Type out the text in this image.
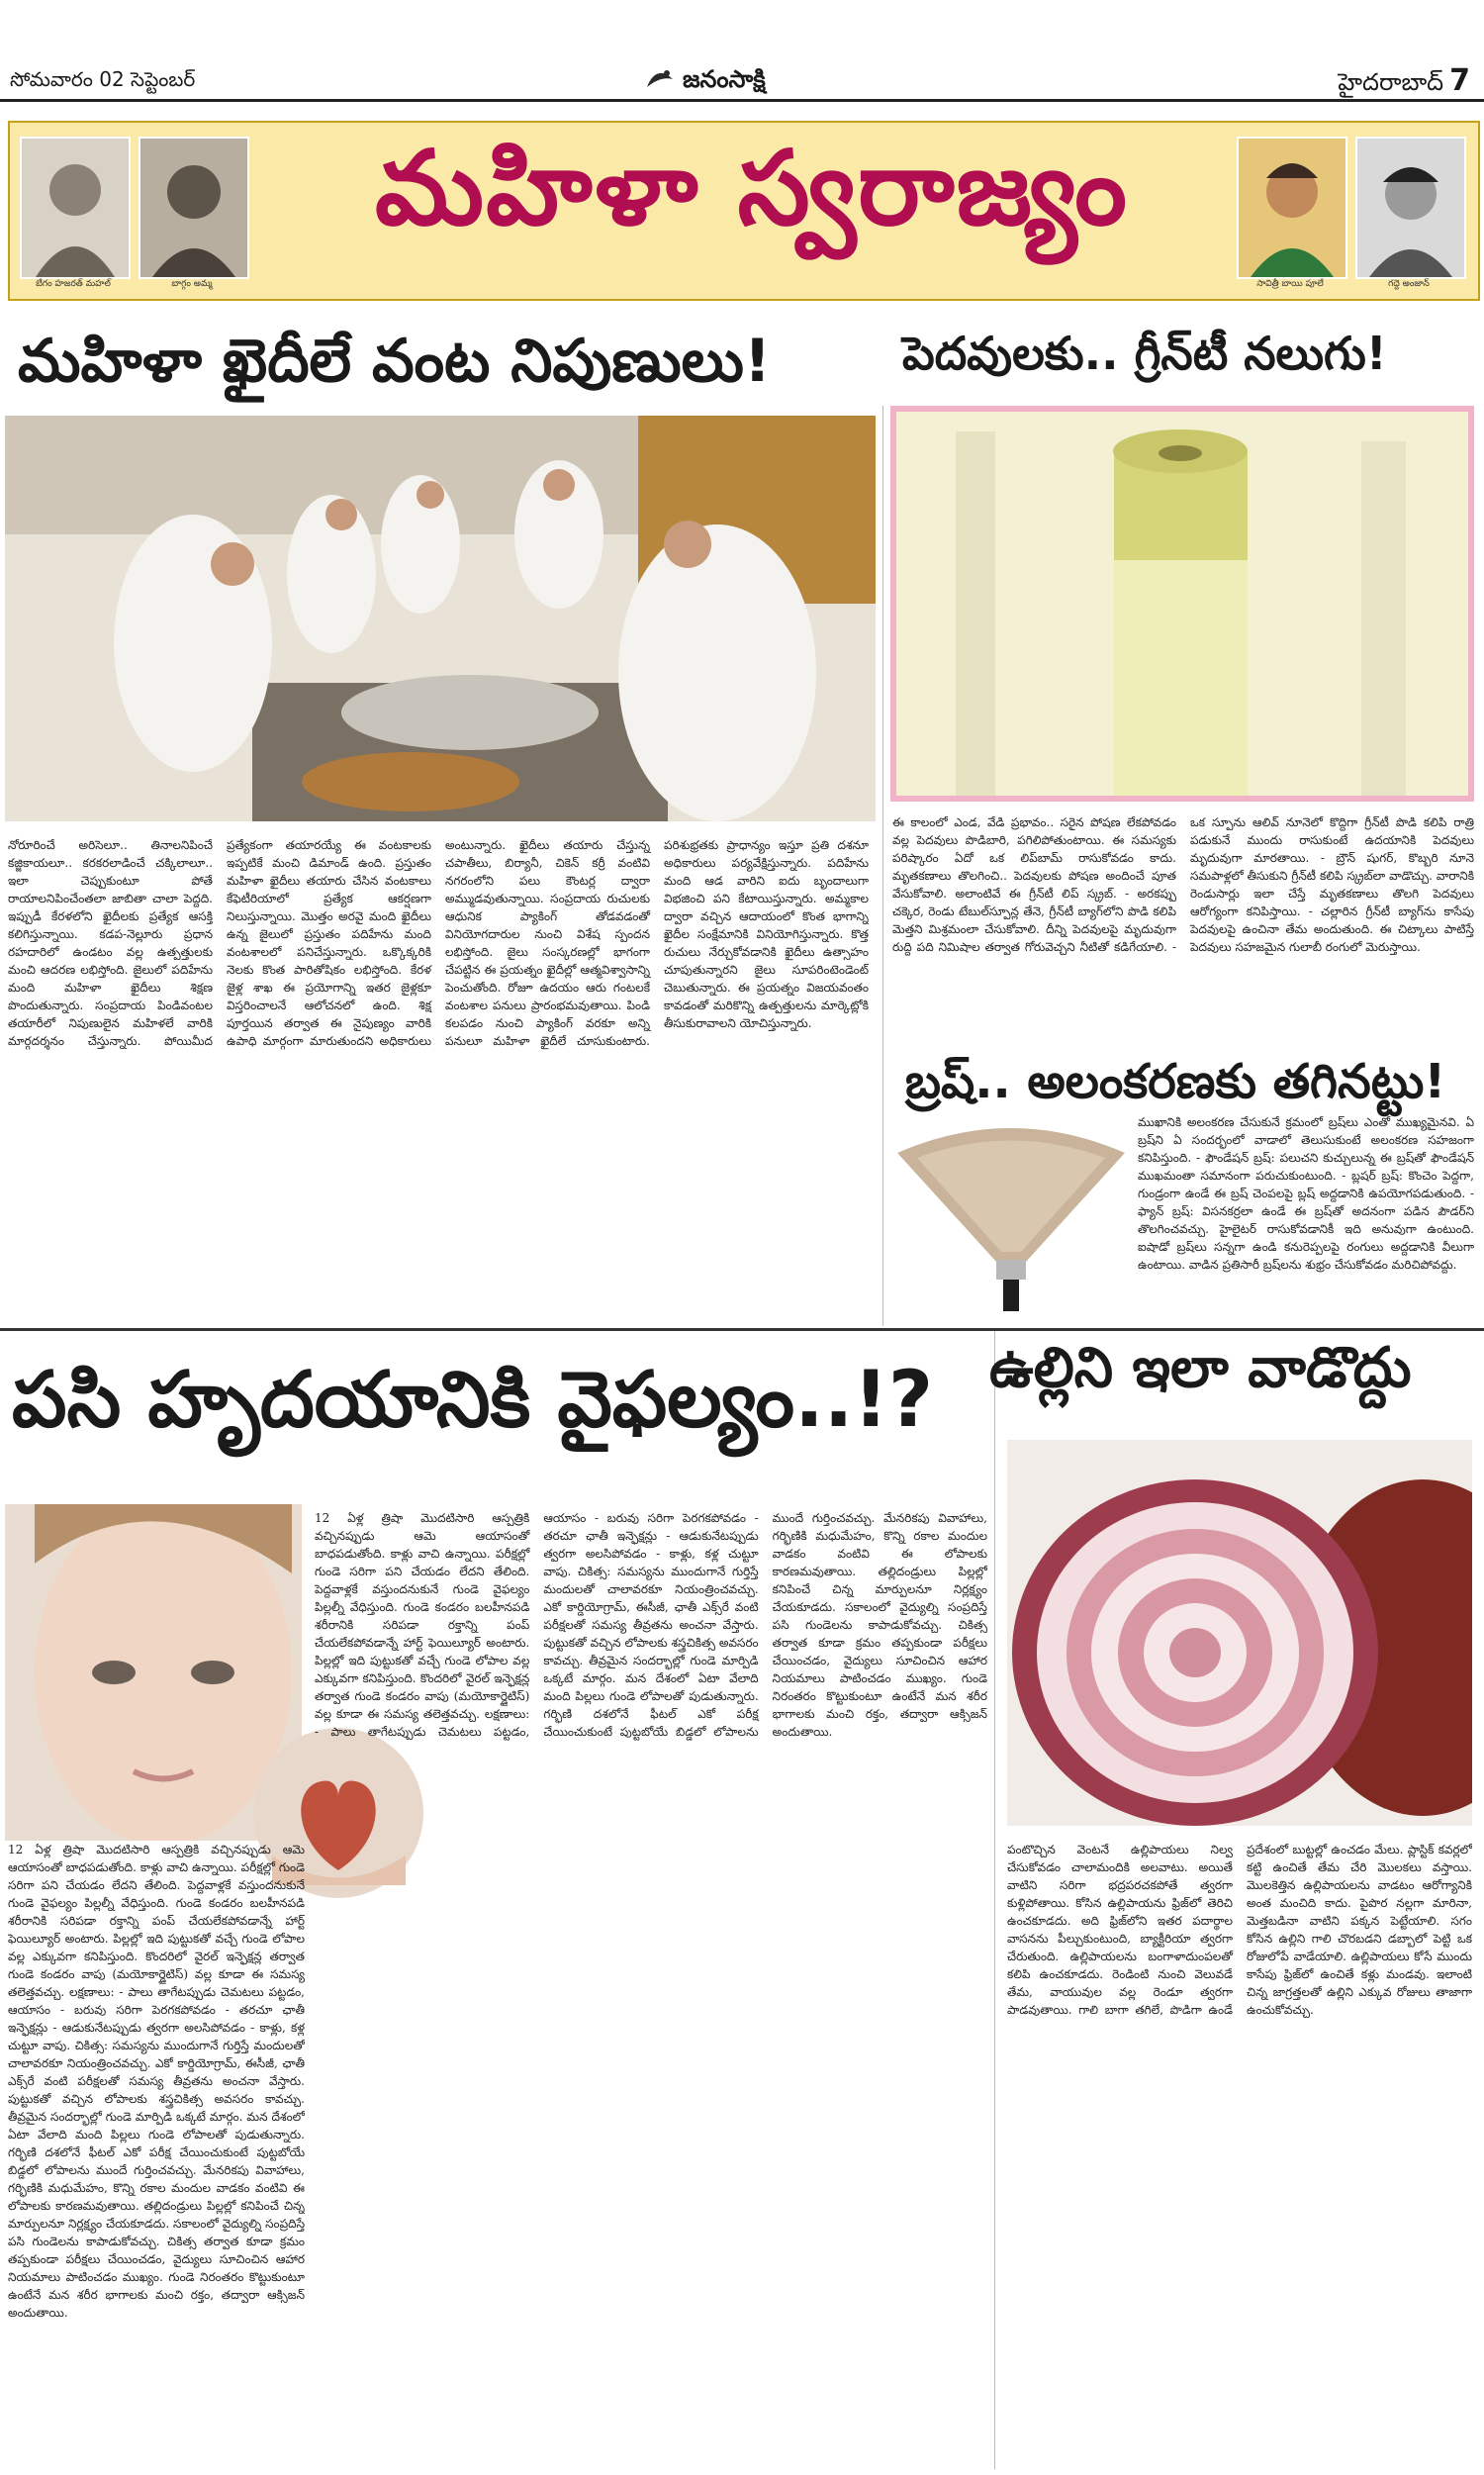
సోమవారం 02 సెప్టెంబర్	జనంసాక్షి	హైదరాబాద్ 7
బేగం హజరత్ మహల్	బాగ్గం అమ్మ
మహిళా స్వరాజ్యం
సావిత్రీ బాయి పూలే	గద్దె అంజాన్
మహిళా ఖైదీలే వంట నిపుణులు!
నోరూరించే అరిసెలూ.. తినాలనిపించే కజ్జికాయలూ.. కరకరలాడించే చక్కిలాలూ.. ఇలా చెప్పుకుంటూ పోతే రాయాలనిపించేంతలా జాబితా చాలా పెద్దది. ఇప్పుడీ కేరళలోని ఖైదీలకు ప్రత్యేక ఆసక్తి కలిగిస్తున్నాయి. కడప-నెల్లూరు ప్రధాన రహదారిలో ఉండటం వల్ల ఉత్పత్తులకు మంచి ఆదరణ లభిస్తోంది. జైలులో పదిహేను మంది మహిళా ఖైదీలు శిక్షణ పొందుతున్నారు. సంప్రదాయ పిండివంటల తయారీలో నిపుణులైన మహిళలే వారికి మార్గదర్శనం చేస్తున్నారు. పోయిమీద ప్రత్యేకంగా తయారయ్యే ఈ వంటకాలకు ఇప్పటికే మంచి డిమాండ్ ఉంది. ప్రస్తుతం మహిళా ఖైదీలు తయారు చేసిన వంటకాలు కేఫెటీరియాలో ప్రత్యేక ఆకర్షణగా నిలుస్తున్నాయి. మొత్తం అరవై మంది ఖైదీలు ఉన్న జైలులో ప్రస్తుతం పదిహేను మంది వంటశాలలో పనిచేస్తున్నారు. ఒక్కొక్కరికి నెలకు కొంత పారితోషికం లభిస్తోంది. కేరళ జైళ్ల శాఖ ఈ ప్రయోగాన్ని ఇతర జైళ్లకూ విస్తరించాలనే ఆలోచనలో ఉంది. శిక్ష పూర్తయిన తర్వాత ఈ నైపుణ్యం వారికి ఉపాధి మార్గంగా మారుతుందని అధికారులు అంటున్నారు. ఖైదీలు తయారు చేస్తున్న చపాతీలు, బిర్యానీ, చికెన్ కర్రీ వంటివి నగరంలోని పలు కౌంటర్ల ద్వారా అమ్ముడవుతున్నాయి. సంప్రదాయ రుచులకు ఆధునిక ప్యాకింగ్ తోడవడంతో వినియోగదారుల నుంచి విశేష స్పందన లభిస్తోంది. జైలు సంస్కరణల్లో భాగంగా చేపట్టిన ఈ ప్రయత్నం ఖైదీల్లో ఆత్మవిశ్వాసాన్ని పెంచుతోంది. రోజూ ఉదయం ఆరు గంటలకే వంటశాల పనులు ప్రారంభమవుతాయి. పిండి కలపడం నుంచి ప్యాకింగ్ వరకూ అన్ని పనులూ మహిళా ఖైదీలే చూసుకుంటారు. పరిశుభ్రతకు ప్రాధాన్యం ఇస్తూ ప్రతి దశనూ అధికారులు పర్యవేక్షిస్తున్నారు. పదిహేను మంది ఆడ వారిని ఐదు బృందాలుగా విభజించి పని కేటాయిస్తున్నారు. అమ్మకాల ద్వారా వచ్చిన ఆదాయంలో కొంత భాగాన్ని ఖైదీల సంక్షేమానికి వినియోగిస్తున్నారు. కొత్త రుచులు నేర్చుకోవడానికి ఖైదీలు ఉత్సాహం చూపుతున్నారని జైలు సూపరింటెండెంట్ చెబుతున్నారు. ఈ ప్రయత్నం విజయవంతం కావడంతో మరికొన్ని ఉత్పత్తులను మార్కెట్లోకి తీసుకురావాలని యోచిస్తున్నారు.
పెదవులకు.. గ్రీన్‌టీ నలుగు!
ఈ కాలంలో ఎండ, వేడి ప్రభావం.. సరైన పోషణ లేకపోవడం వల్ల పెదవులు పొడిబారి, పగిలిపోతుంటాయి. ఈ సమస్యకు పరిష్కారం ఏదో ఒక లిప్‌బామ్ రాసుకోవడం కాదు. మృతకణాలు తొలగించి.. పెదవులకు పోషణ అందించే పూత వేసుకోవాలి. అలాంటివే ఈ గ్రీన్‌టీ లిప్ స్క్రబ్. - అరకప్పు చక్కెర, రెండు టేబుల్‌స్పూన్ల తేనె, గ్రీన్‌టీ బ్యాగ్‌లోని పొడి కలిపి మెత్తని మిశ్రమంలా చేసుకోవాలి. దీన్ని పెదవులపై మృదువుగా రుద్ది పది నిమిషాల తర్వాత గోరువెచ్చని నీటితో కడిగేయాలి. - ఒక స్పూను ఆలివ్ నూనెలో కొద్దిగా గ్రీన్‌టీ పొడి కలిపి రాత్రి పడుకునే ముందు రాసుకుంటే ఉదయానికి పెదవులు మృదువుగా మారతాయి. - బ్రౌన్ షుగర్, కొబ్బరి నూనె సమపాళ్లలో తీసుకుని గ్రీన్‌టీ కలిపి స్క్రబ్‌లా వాడొచ్చు. వారానికి రెండుసార్లు ఇలా చేస్తే మృతకణాలు తొలగి పెదవులు ఆరోగ్యంగా కనిపిస్తాయి. - చల్లారిన గ్రీన్‌టీ బ్యాగ్‌ను కాసేపు పెదవులపై ఉంచినా తేమ అందుతుంది. ఈ చిట్కాలు పాటిస్తే పెదవులు సహజమైన గులాబీ రంగులో మెరుస్తాయి.
బ్రష్.. అలంకరణకు తగినట్టు!
ముఖానికి అలంకరణ చేసుకునే క్రమంలో బ్రష్‌లు ఎంతో ముఖ్యమైనవి. ఏ బ్రష్‌ని ఏ సందర్భంలో వాడాలో తెలుసుకుంటే అలంకరణ సహజంగా కనిపిస్తుంది. - ఫౌండేషన్ బ్రష్: పలుచని కుచ్చులున్న ఈ బ్రష్‌తో ఫౌండేషన్ ముఖమంతా సమానంగా పరుచుకుంటుంది. - బ్లషర్ బ్రష్: కొంచెం పెద్దగా, గుండ్రంగా ఉండే ఈ బ్రష్ చెంపలపై బ్లష్ అద్దడానికి ఉపయోగపడుతుంది. - ఫ్యాన్ బ్రష్: విసనకర్రలా ఉండే ఈ బ్రష్‌తో అదనంగా పడిన పౌడర్‌ని తొలగించవచ్చు. హైలైటర్ రాసుకోవడానికీ ఇది అనువుగా ఉంటుంది. ఐషాడో బ్రష్‌లు సన్నగా ఉండి కనురెప్పలపై రంగులు అద్దడానికి వీలుగా ఉంటాయి. వాడిన ప్రతిసారీ బ్రష్‌లను శుభ్రం చేసుకోవడం మరిచిపోవద్దు.
పసి హృదయానికి వైఫల్యం..!?
12 ఏళ్ల త్రిషా మొదటిసారి ఆస్పత్రికి వచ్చినప్పుడు ఆమె ఆయాసంతో బాధపడుతోంది. కాళ్లు వాచి ఉన్నాయి. పరీక్షల్లో గుండె సరిగా పని చేయడం లేదని తేలింది. పెద్దవాళ్లకే వస్తుందనుకునే గుండె వైఫల్యం పిల్లల్నీ వేధిస్తుంది. గుండె కండరం బలహీనపడి శరీరానికి సరిపడా రక్తాన్ని పంప్ చేయలేకపోవడాన్నే హార్ట్ ఫెయిల్యూర్ అంటారు. పిల్లల్లో ఇది పుట్టుకతో వచ్చే గుండె లోపాల వల్ల ఎక్కువగా కనిపిస్తుంది. కొందరిలో వైరల్ ఇన్ఫెక్షన్ల తర్వాత గుండె కండరం వాపు (మయోకార్డైటిస్) వల్ల కూడా ఈ సమస్య తలెత్తవచ్చు. లక్షణాలు: - పాలు తాగేటప్పుడు చెమటలు పట్టడం, ఆయాసం - బరువు సరిగా పెరగకపోవడం - తరచూ ఛాతీ ఇన్ఫెక్షన్లు - ఆడుకునేటప్పుడు త్వరగా అలసిపోవడం - కాళ్లు, కళ్ల చుట్టూ వాపు. చికిత్స: సమస్యను ముందుగానే గుర్తిస్తే మందులతో చాలావరకూ నియంత్రించవచ్చు. ఎకో కార్డియోగ్రామ్, ఈసీజీ, ఛాతీ ఎక్స్‌రే వంటి పరీక్షలతో సమస్య తీవ్రతను అంచనా వేస్తారు. పుట్టుకతో వచ్చిన లోపాలకు శస్త్రచికిత్స అవసరం కావచ్చు. తీవ్రమైన సందర్భాల్లో గుండె మార్పిడి ఒక్కటే మార్గం. మన దేశంలో ఏటా వేలాది మంది పిల్లలు గుండె లోపాలతో పుడుతున్నారు. గర్భిణి దశలోనే ఫీటల్ ఎకో పరీక్ష చేయించుకుంటే పుట్టబోయే బిడ్డలో లోపాలను ముందే గుర్తించవచ్చు. మేనరికపు వివాహాలు, గర్భిణికి మధుమేహం, కొన్ని రకాల మందుల వాడకం వంటివి ఈ లోపాలకు కారణమవుతాయి. తల్లిదండ్రులు పిల్లల్లో కనిపించే చిన్న మార్పులనూ నిర్లక్ష్యం చేయకూడదు. సకాలంలో వైద్యుల్ని సంప్రదిస్తే పసి గుండెలను కాపాడుకోవచ్చు. చికిత్స తర్వాత కూడా క్రమం తప్పకుండా పరీక్షలు చేయించడం, వైద్యులు సూచించిన ఆహార నియమాలు పాటించడం ముఖ్యం. గుండె నిరంతరం కొట్టుకుంటూ ఉంటేనే మన శరీర భాగాలకు మంచి రక్తం, తద్వారా ఆక్సిజన్ అందుతాయి.
12 ఏళ్ల త్రిషా మొదటిసారి ఆస్పత్రికి వచ్చినప్పుడు ఆమె ఆయాసంతో బాధపడుతోంది. కాళ్లు వాచి ఉన్నాయి. పరీక్షల్లో గుండె సరిగా పని చేయడం లేదని తేలింది. పెద్దవాళ్లకే వస్తుందనుకునే గుండె వైఫల్యం పిల్లల్నీ వేధిస్తుంది. గుండె కండరం బలహీనపడి శరీరానికి సరిపడా రక్తాన్ని పంప్ చేయలేకపోవడాన్నే హార్ట్ ఫెయిల్యూర్ అంటారు. పిల్లల్లో ఇది పుట్టుకతో వచ్చే గుండె లోపాల వల్ల ఎక్కువగా కనిపిస్తుంది. కొందరిలో వైరల్ ఇన్ఫెక్షన్ల తర్వాత గుండె కండరం వాపు (మయోకార్డైటిస్) వల్ల కూడా ఈ సమస్య తలెత్తవచ్చు. లక్షణాలు: - పాలు తాగేటప్పుడు చెమటలు పట్టడం, ఆయాసం - బరువు సరిగా పెరగకపోవడం - తరచూ ఛాతీ ఇన్ఫెక్షన్లు - ఆడుకునేటప్పుడు త్వరగా అలసిపోవడం - కాళ్లు, కళ్ల చుట్టూ వాపు. చికిత్స: సమస్యను ముందుగానే గుర్తిస్తే మందులతో చాలావరకూ నియంత్రించవచ్చు. ఎకో కార్డియోగ్రామ్, ఈసీజీ, ఛాతీ ఎక్స్‌రే వంటి పరీక్షలతో సమస్య తీవ్రతను అంచనా వేస్తారు. పుట్టుకతో వచ్చిన లోపాలకు శస్త్రచికిత్స అవసరం కావచ్చు. తీవ్రమైన సందర్భాల్లో గుండె మార్పిడి ఒక్కటే మార్గం. మన దేశంలో ఏటా వేలాది మంది పిల్లలు గుండె లోపాలతో పుడుతున్నారు. గర్భిణి దశలోనే ఫీటల్ ఎకో పరీక్ష చేయించుకుంటే పుట్టబోయే బిడ్డలో లోపాలను ముందే గుర్తించవచ్చు. మేనరికపు వివాహాలు, గర్భిణికి మధుమేహం, కొన్ని రకాల మందుల వాడకం వంటివి ఈ లోపాలకు కారణమవుతాయి. తల్లిదండ్రులు పిల్లల్లో కనిపించే చిన్న మార్పులనూ నిర్లక్ష్యం చేయకూడదు. సకాలంలో వైద్యుల్ని సంప్రదిస్తే పసి గుండెలను కాపాడుకోవచ్చు. చికిత్స తర్వాత కూడా క్రమం తప్పకుండా పరీక్షలు చేయించడం, వైద్యులు సూచించిన ఆహార నియమాలు పాటించడం ముఖ్యం. గుండె నిరంతరం కొట్టుకుంటూ ఉంటేనే మన శరీర భాగాలకు మంచి రక్తం, తద్వారా ఆక్సిజన్ అందుతాయి.
ఉల్లిని ఇలా వాడొద్దు
పంటొచ్చిన వెంటనే ఉల్లిపాయలు నిల్వ చేసుకోవడం చాలామందికి అలవాటు. అయితే వాటిని సరిగా భద్రపరచకపోతే త్వరగా కుళ్లిపోతాయి. కోసిన ఉల్లిపాయను ఫ్రిజ్‌లో తెరిచి ఉంచకూడదు. అది ఫ్రిజ్‌లోని ఇతర పదార్థాల వాసనను పీల్చుకుంటుంది, బ్యాక్టీరియా త్వరగా చేరుతుంది. ఉల్లిపాయలను బంగాళాదుంపలతో కలిపి ఉంచకూడదు. రెండింటి నుంచి వెలువడే తేమ, వాయువుల వల్ల రెండూ త్వరగా పాడవుతాయి. గాలి బాగా తగిలే, పొడిగా ఉండే ప్రదేశంలో బుట్టల్లో ఉంచడం మేలు. ప్లాస్టిక్ కవర్లలో కట్టి ఉంచితే తేమ చేరి మొలకలు వస్తాయి. మొలకెత్తిన ఉల్లిపాయలను వాడటం ఆరోగ్యానికి అంత మంచిది కాదు. పైపొర నల్లగా మారినా, మెత్తబడినా వాటిని పక్కన పెట్టేయాలి. సగం కోసిన ఉల్లిని గాలి చొరబడని డబ్బాలో పెట్టి ఒక రోజులోపే వాడేయాలి. ఉల్లిపాయలు కోసే ముందు కాసేపు ఫ్రిజ్‌లో ఉంచితే కళ్లు మండవు. ఇలాంటి చిన్న జాగ్రత్తలతో ఉల్లిని ఎక్కువ రోజులు తాజాగా ఉంచుకోవచ్చు.
